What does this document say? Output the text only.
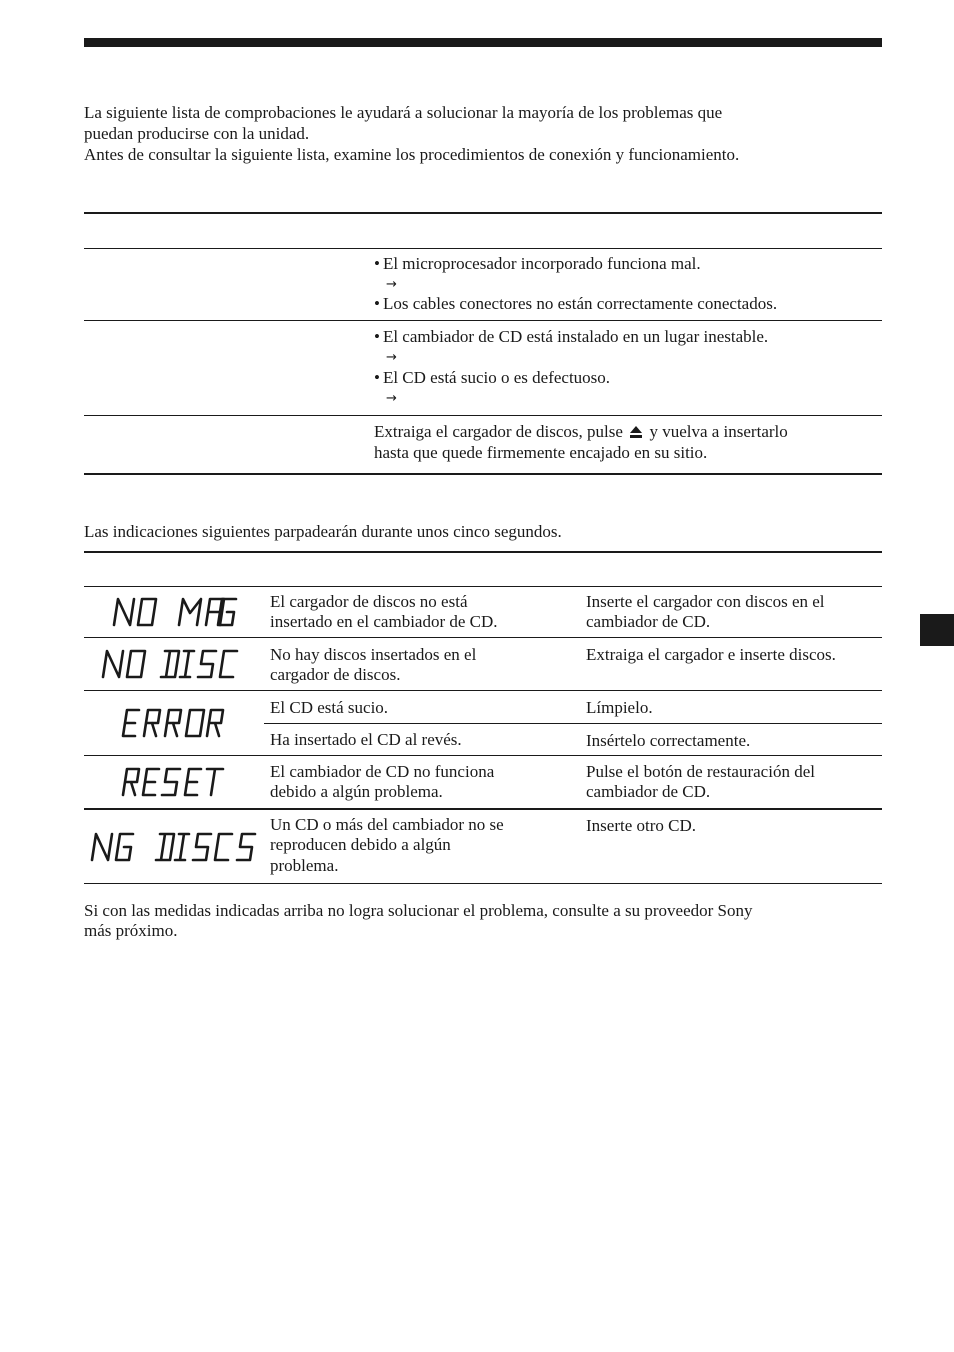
La siguiente lista de comprobaciones le ayudará a solucionar la mayoría de los problemas que
puedan producirse con la unidad.
Antes de consultar la siguiente lista, examine los procedimientos de conexión y funcionamiento.
• El microprocesador incorporado funciona mal.
→
• Los cables conectores no están correctamente conectados.
• El cambiador de CD está instalado en un lugar inestable.
→
• El CD está sucio o es defectuoso.
→
Extraiga el cargador de discos, pulse y vuelva a insertarlo
hasta que quede firmemente encajado en su sitio.
Las indicaciones siguientes parpadearán durante unos cinco segundos.
El cargador de discos no está
insertado en el cambiador de CD.
Inserte el cargador con discos en el
cambiador de CD.
No hay discos insertados en el
cargador de discos.
Extraiga el cargador e inserte discos.
El CD está sucio.	Límpielo.
Ha insertado el CD al revés.	Insértelo correctamente.
El cambiador de CD no funciona
debido a algún problema.
Pulse el botón de restauración del
cambiador de CD.
Un CD o más del cambiador no se
reproducen debido a algún
problema.
Inserte otro CD.
Si con las medidas indicadas arriba no logra solucionar el problema, consulte a su proveedor Sony
más próximo.
